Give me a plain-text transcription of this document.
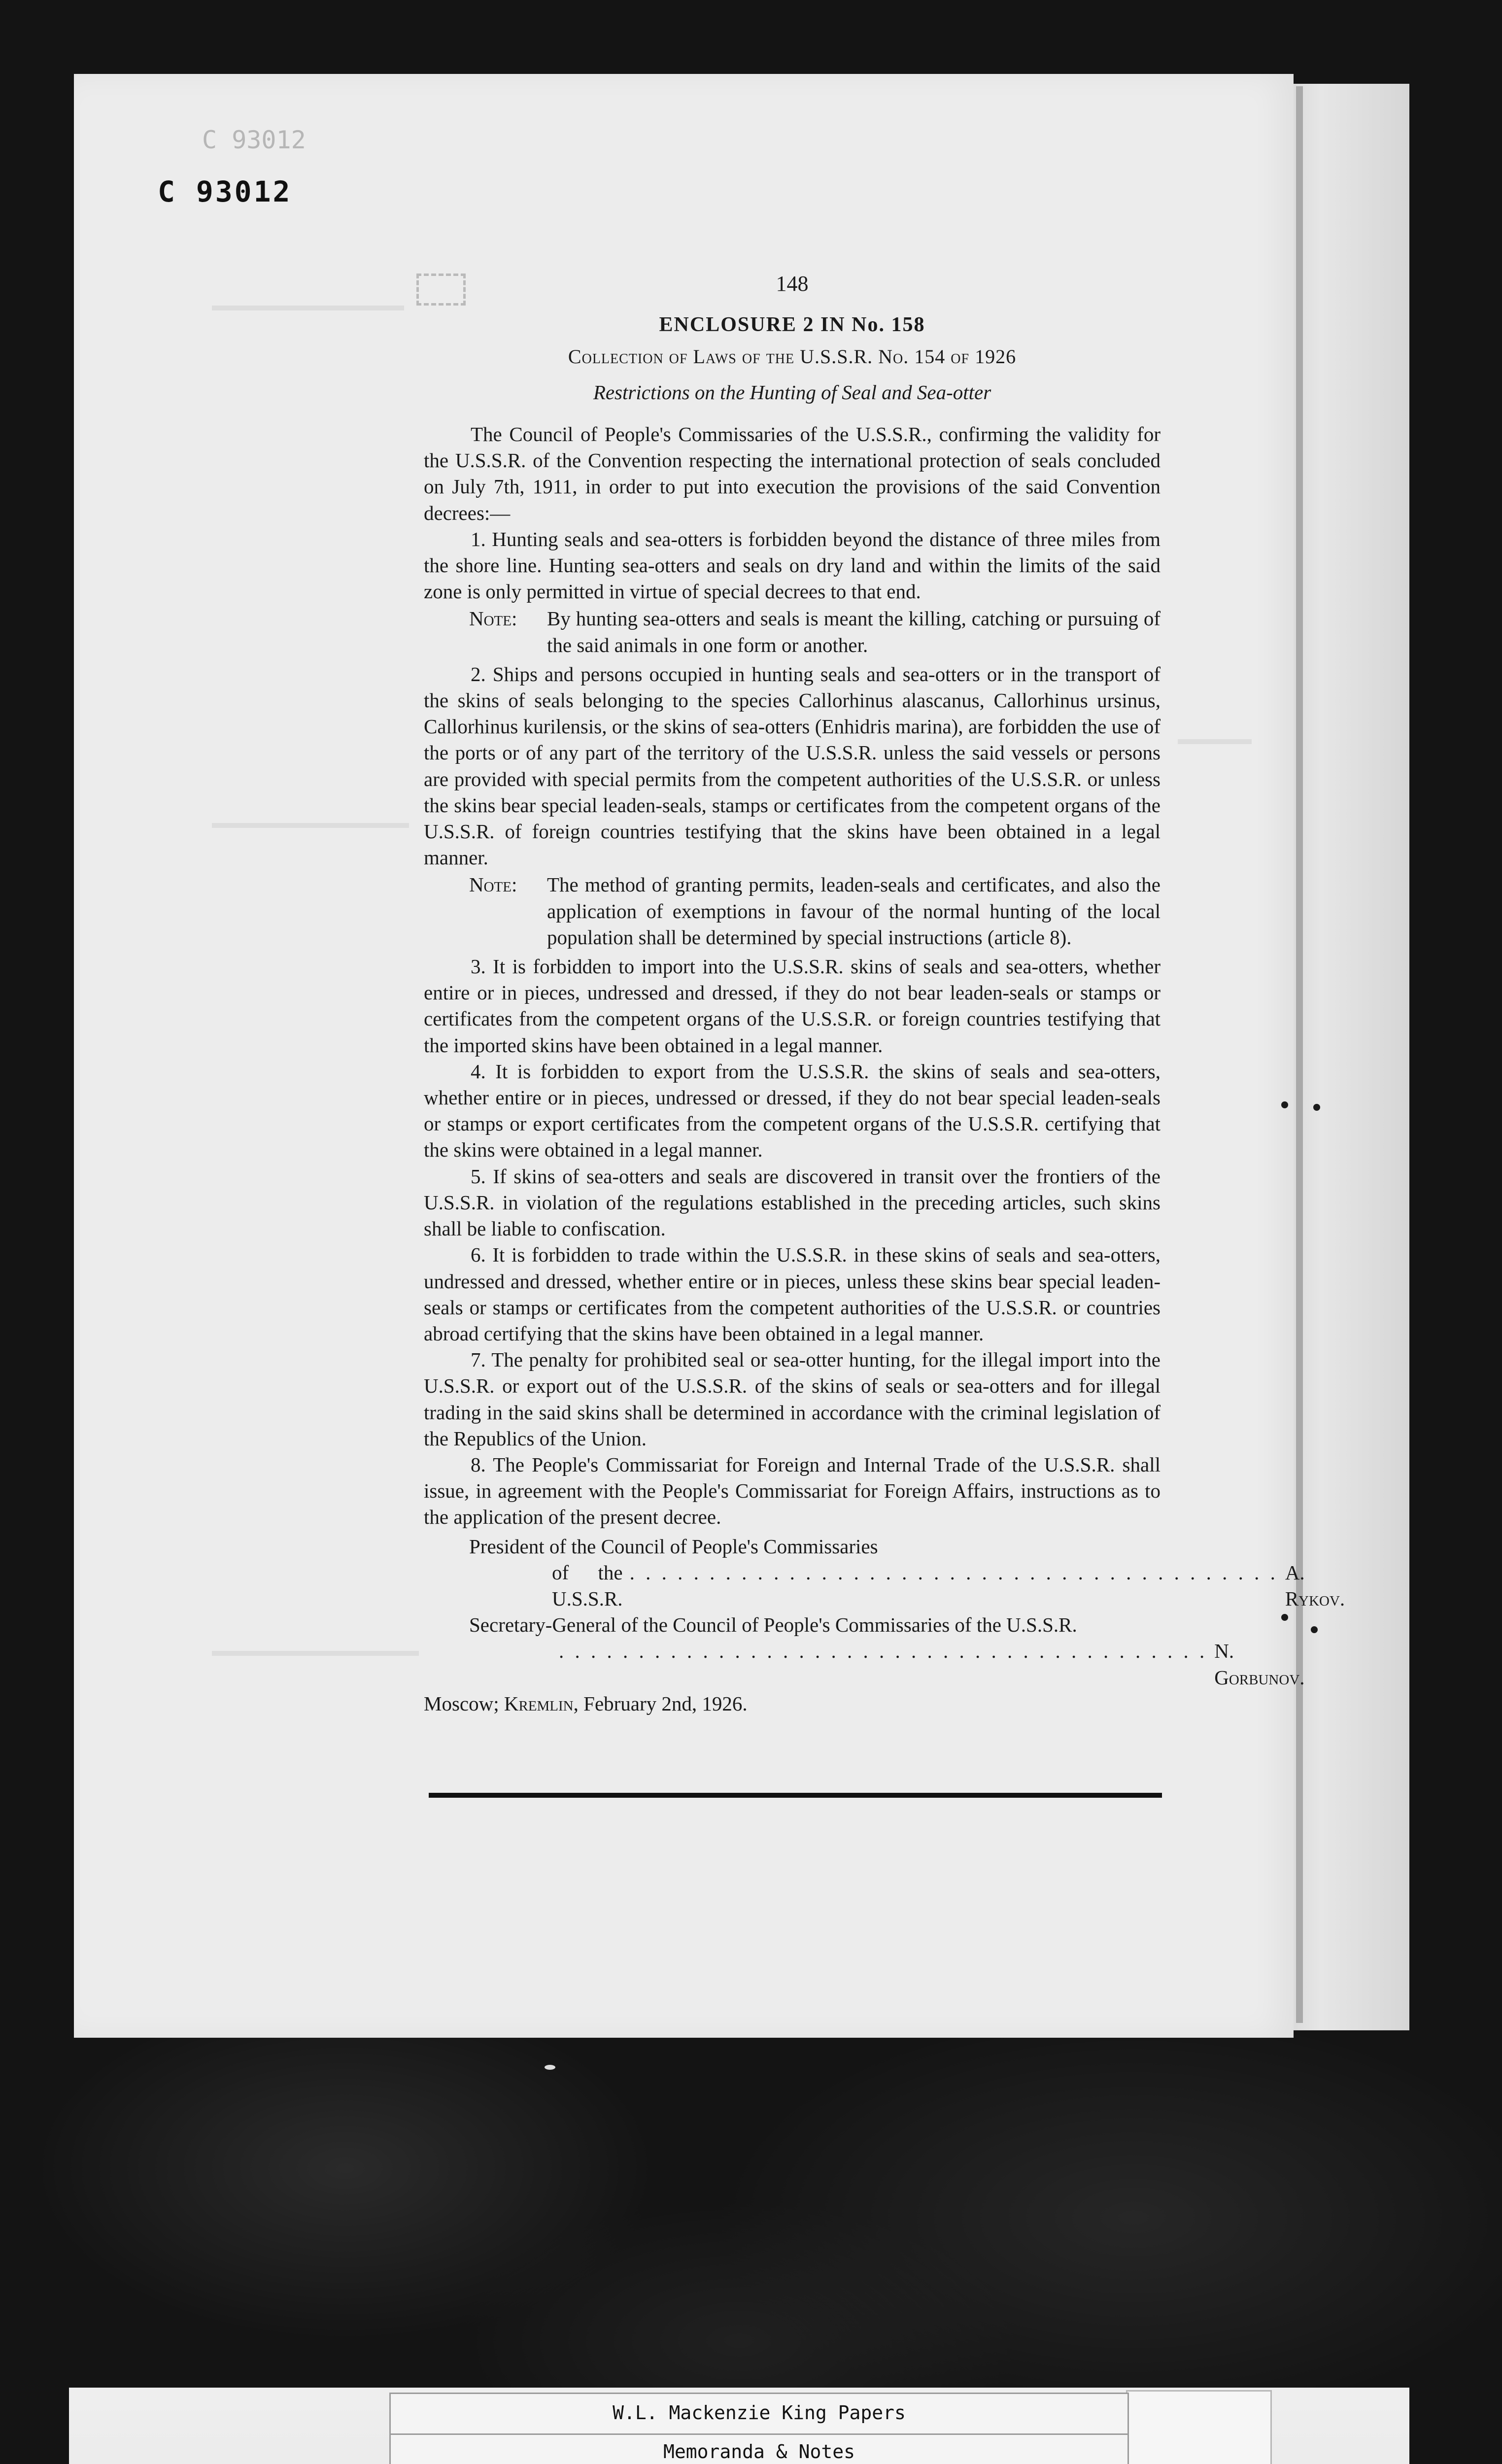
C 93012
C 93012
148
ENCLOSURE 2 IN No. 158
Collection of Laws of the U.S.S.R. No. 154 of 1926
Restrictions on the Hunting of Seal and Sea-otter

The Council of People's Commissaries of the U.S.S.R., confirming the validity for the U.S.S.R. of the Convention respecting the international protection of seals concluded on July 7th, 1911, in order to put into execution the provisions of the said Convention decrees:—

1. Hunting seals and sea-otters is forbidden beyond the distance of three miles from the shore line. Hunting sea-otters and seals on dry land and within the limits of the said zone is only permitted in virtue of special decrees to that end.

Note:	By hunting sea-otters and seals is meant the killing, catching or pursuing of the said animals in one form or another.

2. Ships and persons occupied in hunting seals and sea-otters or in the transport of the skins of seals belonging to the species Callorhinus alascanus, Callorhinus ursinus, Callorhinus kurilensis, or the skins of sea-otters (Enhidris marina), are forbidden the use of the ports or of any part of the territory of the U.S.S.R. unless the said vessels or persons are provided with special permits from the competent authorities of the U.S.S.R. or unless the skins bear special leaden-seals, stamps or certificates from the competent organs of the U.S.S.R. of foreign countries testifying that the skins have been obtained in a legal manner.

Note:	The method of granting permits, leaden-seals and certificates, and also the application of exemptions in favour of the normal hunting of the local population shall be determined by special instructions (article 8).

3. It is forbidden to import into the U.S.S.R. skins of seals and sea-otters, whether entire or in pieces, undressed and dressed, if they do not bear leaden-seals or stamps or certificates from the competent organs of the U.S.S.R. or foreign countries testifying that the imported skins have been obtained in a legal manner.

4. It is forbidden to export from the U.S.S.R. the skins of seals and sea-otters, whether entire or in pieces, undressed or dressed, if they do not bear special leaden-seals or stamps or export certificates from the competent organs of the U.S.S.R. certifying that the skins were obtained in a legal manner.

5. If skins of sea-otters and seals are discovered in transit over the frontiers of the U.S.S.R. in violation of the regulations established in the preceding articles, such skins shall be liable to confiscation.

6. It is forbidden to trade within the U.S.S.R. in these skins of seals and sea-otters, undressed and dressed, whether entire or in pieces, unless these skins bear special leaden-seals or stamps or certificates from the competent authorities of the U.S.S.R. or countries abroad certifying that the skins have been obtained in a legal manner.

7. The penalty for prohibited seal or sea-otter hunting, for the illegal import into the U.S.S.R. or export out of the U.S.S.R. of the skins of seals or sea-otters and for illegal trading in the said skins shall be determined in accordance with the criminal legislation of the Republics of the Union.

8. The People's Commissariat for Foreign and Internal Trade of the U.S.S.R. shall issue, in agreement with the People's Commissariat for Foreign Affairs, instructions as to the application of the present decree.

President of the Council of People's Commissaries
of the U.S.S.R.
. . . . . . . . . . . . . . . . . . . . . . . . . . . . . . . . . . . . . . . . . A. Rykov.
Secretary-General of the Council of People's Commissaries of the U.S.S.R.
. . . . . . . . . . . . . . . . . . . . . . . . . . . . . . . . . . . . . . . . . N. Gorbunov.
Moscow; Kremlin, February 2nd, 1926.
W.L. Mackenzie King Papers
Memoranda & Notes
